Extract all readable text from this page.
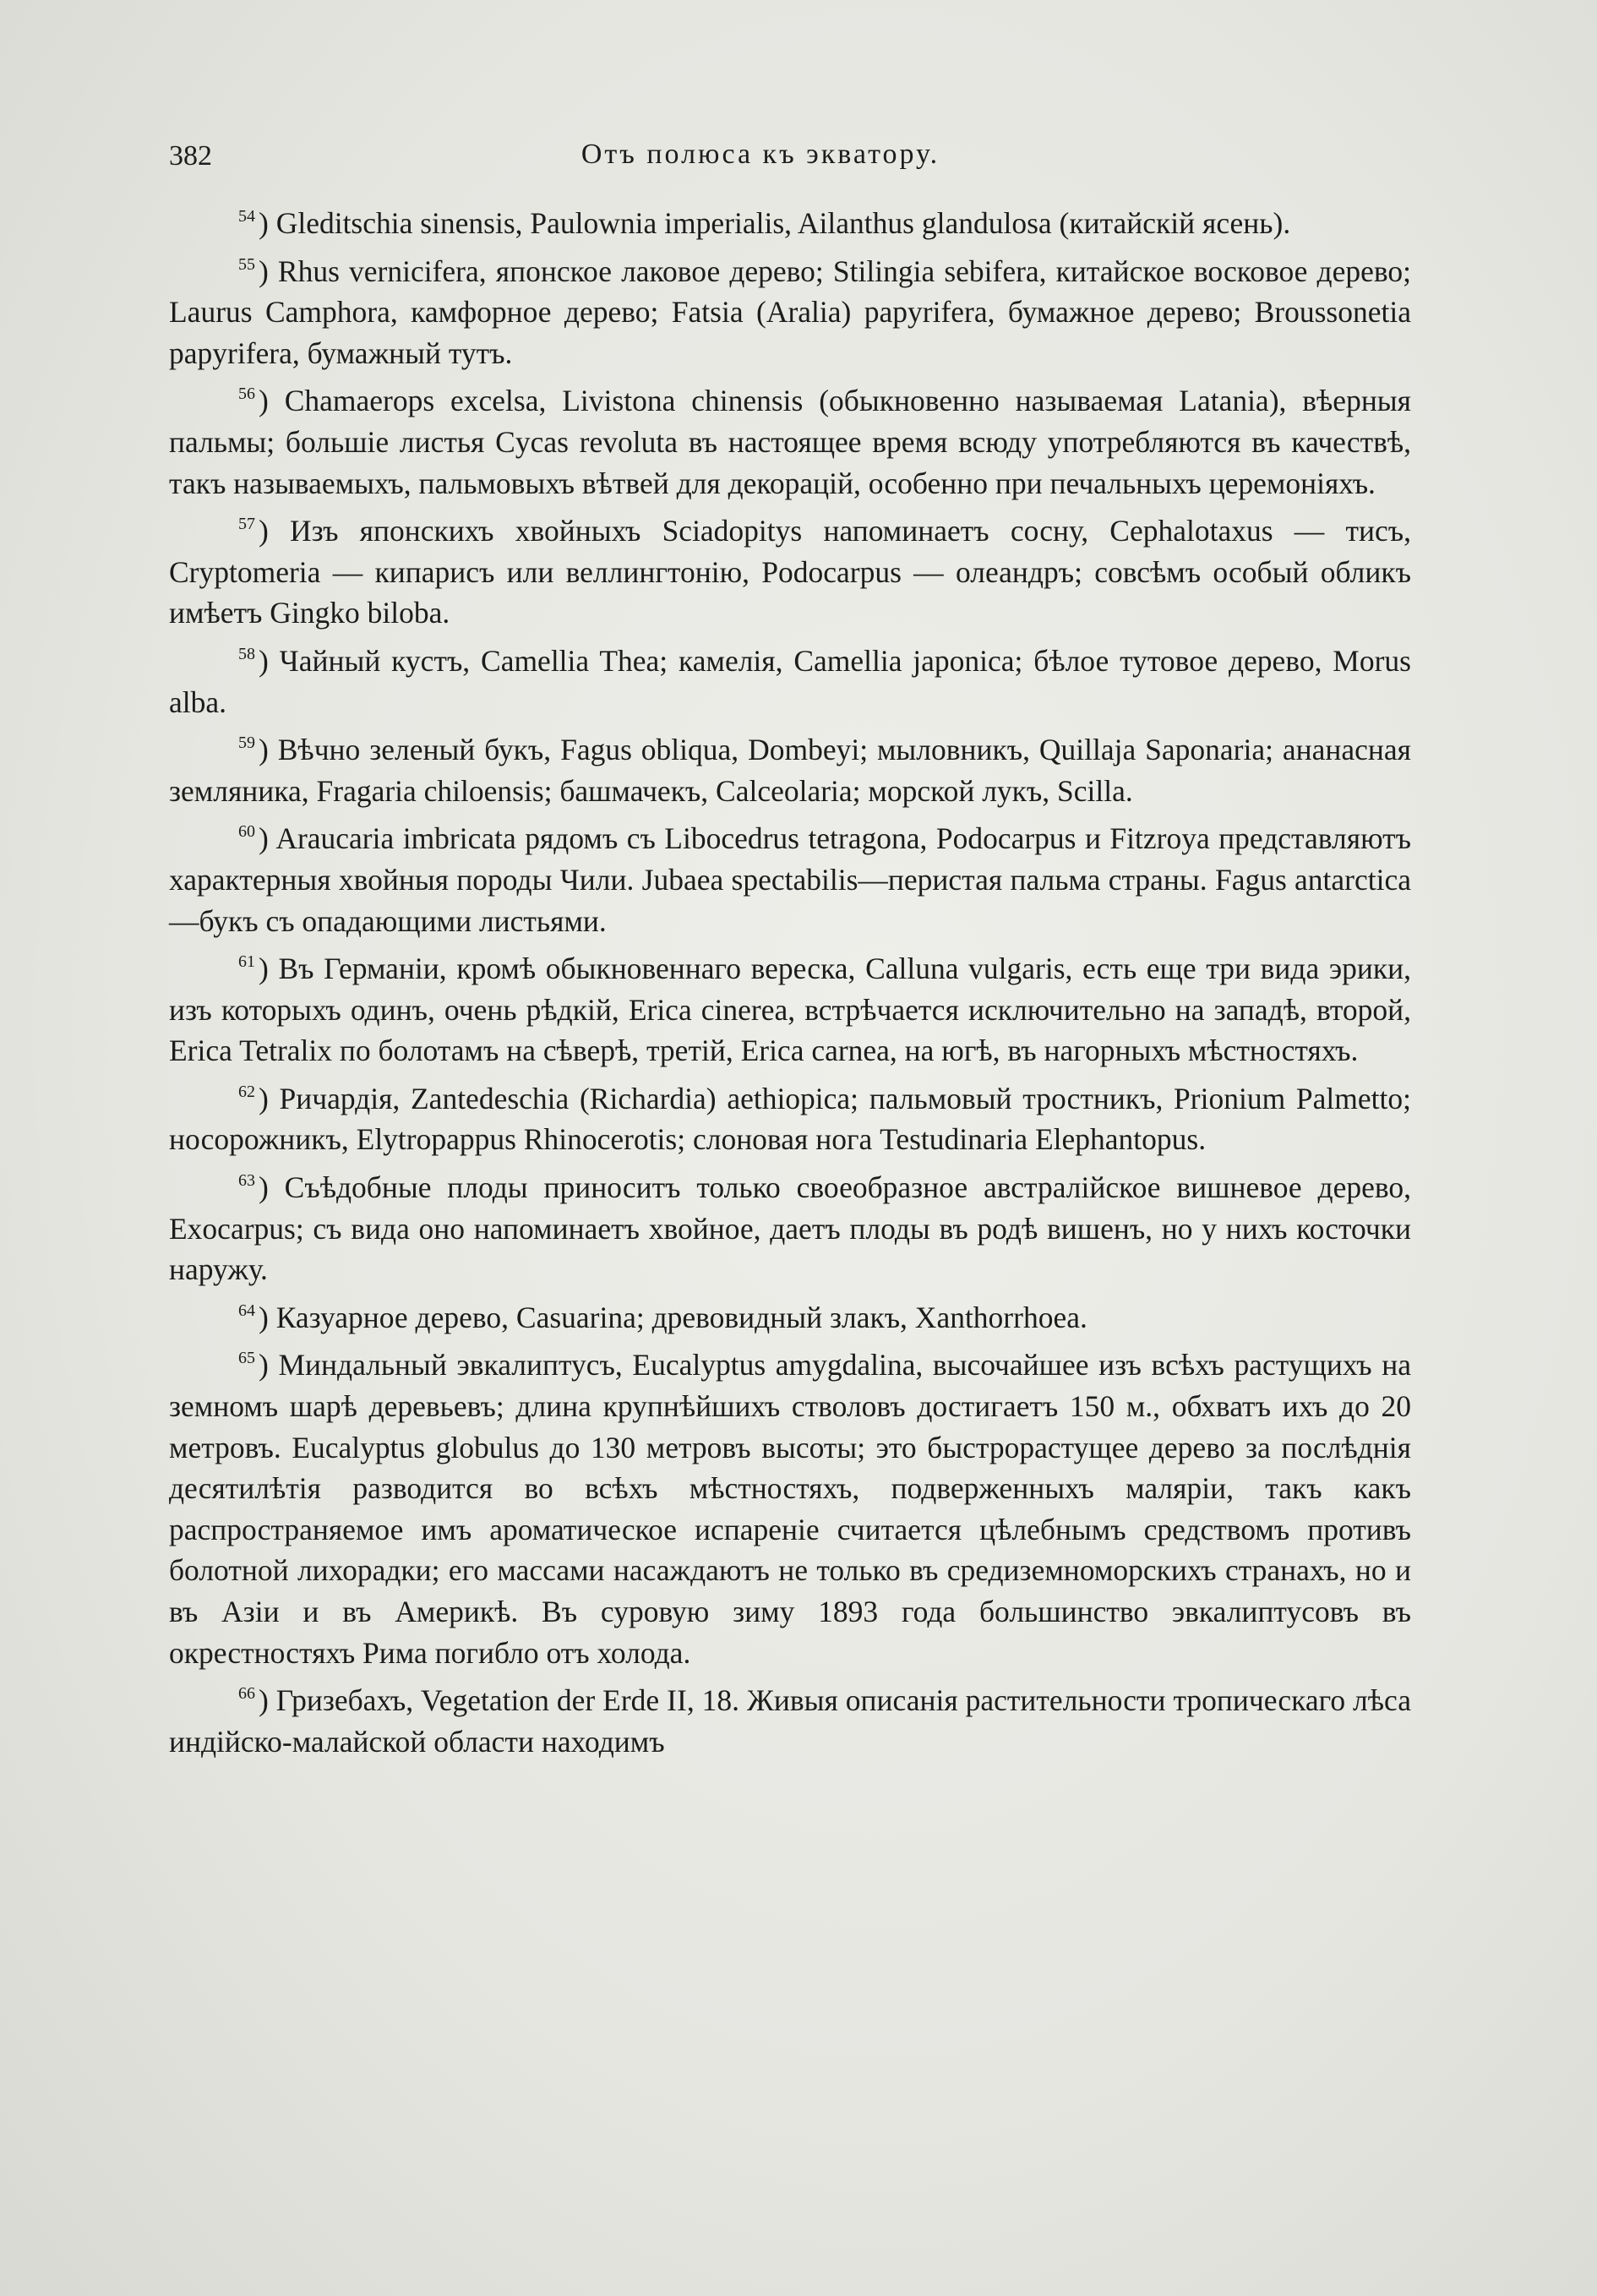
382	Отъ полюса къ экватору.

$^{54}$ ) Gleditschia sinensis, Paulownia imperialis, Ailanthus glandulosa (китайскій ясень).

$^{55}$ ) Rhus vernicifera, японское лаковое дерево; Stilingia sebifera, китайское восковое дерево; Laurus Camphora, камфорное дерево; Fatsia (Aralia) papyrifera, бумажное дерево; Broussonetia papyrifera, бумажный тутъ.

$^{56}$ ) Chamaerops excelsa, Livistona chinensis (обыкновенно называемая Latania), вѣерныя пальмы; большіе листья Cycas revoluta въ настоящее время всюду употребляются въ качествѣ, такъ называемыхъ, пальмовыхъ вѣтвей для декорацій, особенно при печальныхъ церемоніяхъ.

$^{57}$ ) Изъ японскихъ хвойныхъ Sciadopitys напоминаетъ сосну, Cephalotaxus — тисъ, Cryptomeria — кипарисъ или веллингтонію, Podocarpus — олеандръ; совсѣмъ особый обликъ имѣетъ Gingko biloba.

$^{58}$ ) Чайный кустъ, Camellia Thea; камелія, Camellia japonica; бѣлое тутовое дерево, Morus alba.

$^{59}$ ) Вѣчно зеленый букъ, Fagus obliqua, Dombeyi; мыловникъ, Quillaja Saponaria; ананасная земляника, Fragaria chiloensis; башмачекъ, Calceolaria; морской лукъ, Scilla.

$^{60}$ ) Araucaria imbricata рядомъ съ Libocedrus tetragona, Podocarpus и Fitzroya представляютъ характерныя хвойныя породы Чили. Jubaea spectabilis—перистая пальма страны. Fagus antarctica—букъ съ опадающими листьями.

$^{61}$ ) Въ Германіи, кромѣ обыкновеннаго вереска, Calluna vulgaris, есть еще три вида эрики, изъ которыхъ одинъ, очень рѣдкій, Erica cinerea, встрѣчается исключительно на западѣ, второй, Erica Tetralix по болотамъ на сѣверѣ, третій, Erica carnea, на югѣ, въ нагорныхъ мѣстностяхъ.

$^{62}$ ) Ричардія, Zantedeschia (Richardia) aethiopica; пальмовый тростникъ, Prionium Palmetto; носорожникъ, Elytropappus Rhinocerotis; слоновая нога Testudinaria Elephantopus.

$^{63}$ ) Съѣдобные плоды приноситъ только своеобразное австралійское вишневое дерево, Exocarpus; съ вида оно напоминаетъ хвойное, даетъ плоды въ родѣ вишенъ, но у нихъ косточки наружу.

$^{64}$ ) Казуарное дерево, Casuarina; древовидный злакъ, Xanthorrhoea.

$^{65}$ ) Миндальный эвкалиптусъ, Eucalyptus amygdalina, высочайшее изъ всѣхъ растущихъ на земномъ шарѣ деревьевъ; длина крупнѣйшихъ стволовъ достигаетъ 150 м., обхватъ ихъ до 20 метровъ. Eucalyptus globulus до 130 метровъ высоты; это быстрорастущее дерево за послѣднія десятилѣтія разводится во всѣхъ мѣстностяхъ, подверженныхъ малярiи, такъ какъ распространяемое имъ ароматическое испареніе считается цѣлебнымъ средствомъ противъ болотной лихорадки; его массами насаждаютъ не только въ средиземноморскихъ странахъ, но и въ Азіи и въ Америкѣ. Въ суровую зиму 1893 года большинство эвкалиптусовъ въ окрестностяхъ Рима погибло отъ холода.

$^{66}$ ) Гризебахъ, Vegetation der Erde II, 18. Живыя описанія растительности тропическаго лѣса индійско-малайской области находимъ
